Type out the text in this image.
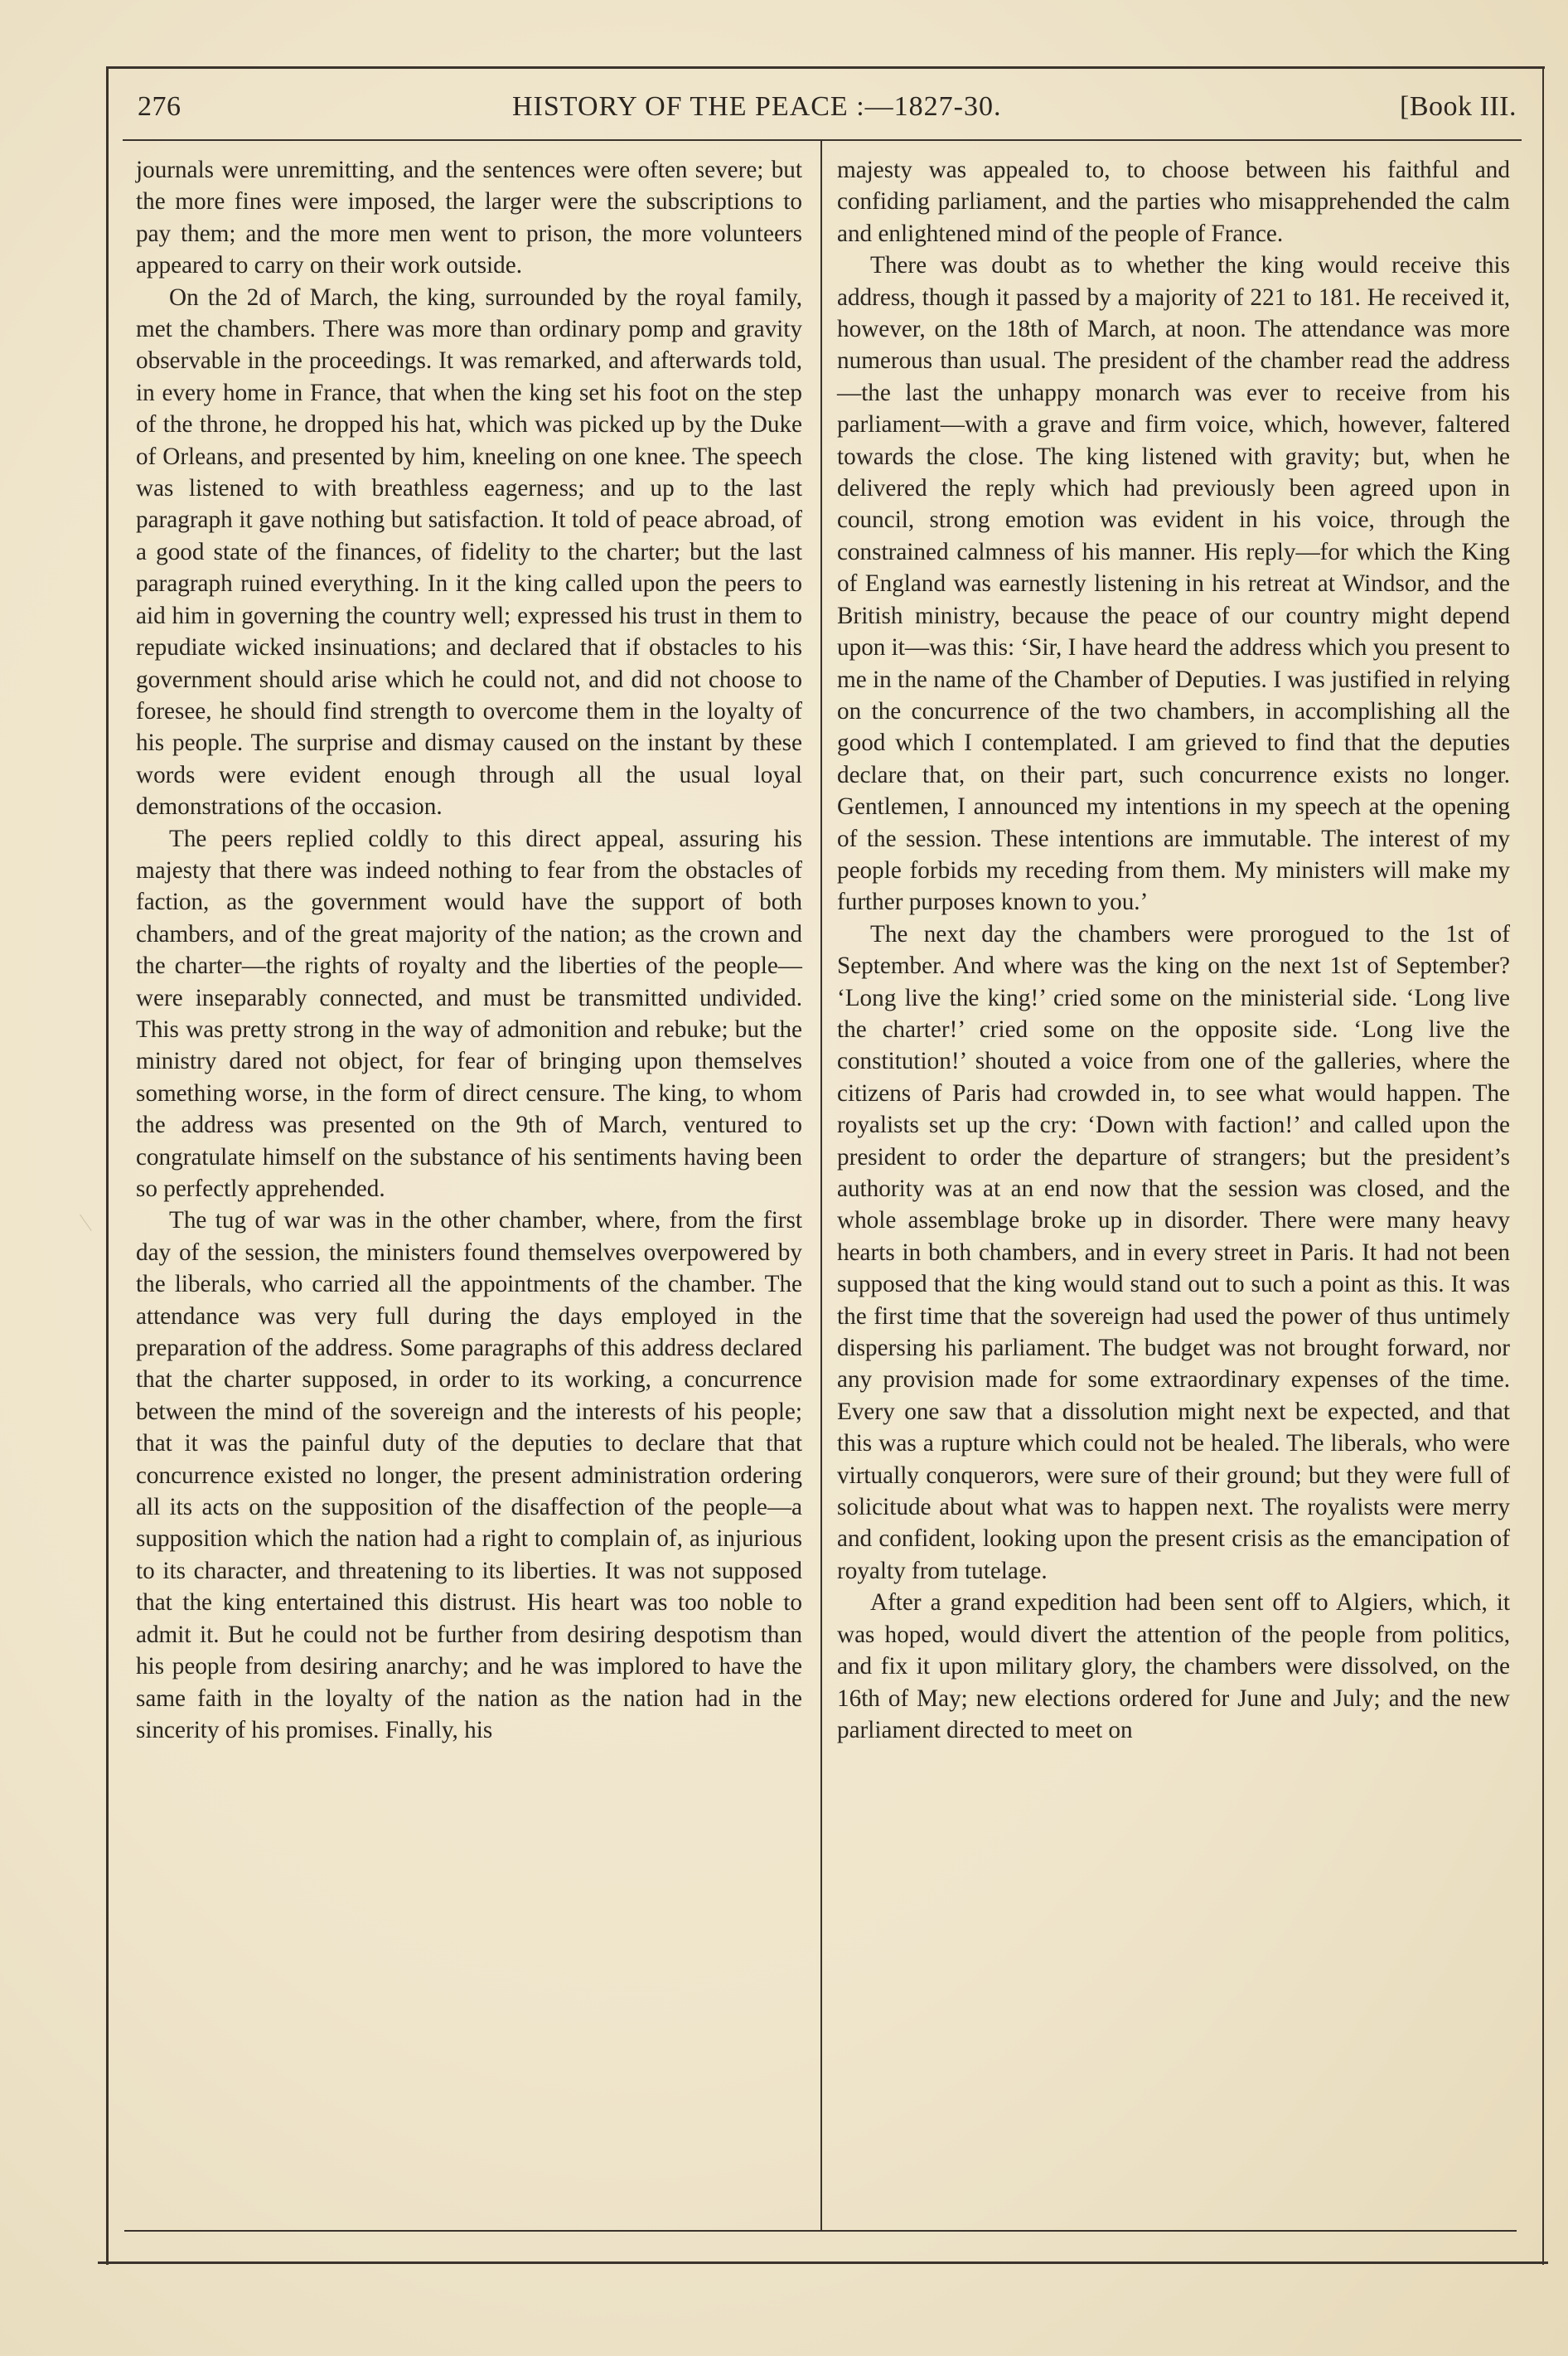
276	HISTORY OF THE PEACE :—1827-30.	[Book III.

journals were unremitting, and the sentences were often severe; but the more fines were imposed, the larger were the subscriptions to pay them; and the more men went to prison, the more volunteers appeared to carry on their work outside.

On the 2d of March, the king, surrounded by the royal family, met the chambers. There was more than ordinary pomp and gravity observable in the proceedings. It was remarked, and afterwards told, in every home in France, that when the king set his foot on the step of the throne, he dropped his hat, which was picked up by the Duke of Orleans, and presented by him, kneeling on one knee. The speech was listened to with breathless eagerness; and up to the last paragraph it gave nothing but satisfaction. It told of peace abroad, of a good state of the finances, of fidelity to the charter; but the last paragraph ruined everything. In it the king called upon the peers to aid him in governing the country well; expressed his trust in them to repudiate wicked insinuations; and declared that if obstacles to his government should arise which he could not, and did not choose to foresee, he should find strength to overcome them in the loyalty of his people. The surprise and dismay caused on the instant by these words were evident enough through all the usual loyal demonstrations of the occasion.

The peers replied coldly to this direct appeal, assuring his majesty that there was indeed nothing to fear from the obstacles of faction, as the government would have the support of both chambers, and of the great majority of the nation; as the crown and the charter—the rights of royalty and the liberties of the people—were inseparably connected, and must be transmitted undivided. This was pretty strong in the way of admonition and rebuke; but the ministry dared not object, for fear of bringing upon themselves something worse, in the form of direct censure. The king, to whom the address was presented on the 9th of March, ventured to congratulate himself on the substance of his sentiments having been so perfectly apprehended.

The tug of war was in the other chamber, where, from the first day of the session, the ministers found themselves overpowered by the liberals, who carried all the appointments of the chamber. The attendance was very full during the days employed in the preparation of the address. Some paragraphs of this address declared that the charter supposed, in order to its working, a concurrence between the mind of the sovereign and the interests of his people; that it was the painful duty of the deputies to declare that that concurrence existed no longer, the present administration ordering all its acts on the supposition of the disaffection of the people—a supposition which the nation had a right to complain of, as injurious to its character, and threatening to its liberties. It was not supposed that the king entertained this distrust. His heart was too noble to admit it. But he could not be further from desiring despotism than his people from desiring anarchy; and he was implored to have the same faith in the loyalty of the nation as the nation had in the sincerity of his promises. Finally, his

majesty was appealed to, to choose between his faithful and confiding parliament, and the parties who misapprehended the calm and enlightened mind of the people of France.

There was doubt as to whether the king would receive this address, though it passed by a majority of 221 to 181. He received it, however, on the 18th of March, at noon. The attendance was more numerous than usual. The president of the chamber read the address—the last the unhappy monarch was ever to receive from his parliament—with a grave and firm voice, which, however, faltered towards the close. The king listened with gravity; but, when he delivered the reply which had previously been agreed upon in council, strong emotion was evident in his voice, through the constrained calmness of his manner. His reply—for which the King of England was earnestly listening in his retreat at Windsor, and the British ministry, because the peace of our country might depend upon it—was this: ‘Sir, I have heard the address which you present to me in the name of the Chamber of Deputies. I was justified in relying on the concurrence of the two chambers, in accomplishing all the good which I contemplated. I am grieved to find that the deputies declare that, on their part, such concurrence exists no longer. Gentlemen, I announced my intentions in my speech at the opening of the session. These intentions are immutable. The interest of my people forbids my receding from them. My ministers will make my further purposes known to you.’

The next day the chambers were prorogued to the 1st of September. And where was the king on the next 1st of September? ‘Long live the king!’ cried some on the ministerial side. ‘Long live the charter!’ cried some on the opposite side. ‘Long live the constitution!’ shouted a voice from one of the galleries, where the citizens of Paris had crowded in, to see what would happen. The royalists set up the cry: ‘Down with faction!’ and called upon the president to order the departure of strangers; but the president’s authority was at an end now that the session was closed, and the whole assemblage broke up in disorder. There were many heavy hearts in both chambers, and in every street in Paris. It had not been supposed that the king would stand out to such a point as this. It was the first time that the sovereign had used the power of thus untimely dispersing his parliament. The budget was not brought forward, nor any provision made for some extraordinary expenses of the time. Every one saw that a dissolution might next be expected, and that this was a rupture which could not be healed. The liberals, who were virtually conquerors, were sure of their ground; but they were full of solicitude about what was to happen next. The royalists were merry and confident, looking upon the present crisis as the emancipation of royalty from tutelage.

After a grand expedition had been sent off to Algiers, which, it was hoped, would divert the attention of the people from politics, and fix it upon military glory, the chambers were dissolved, on the 16th of May; new elections ordered for June and July; and the new parliament directed to meet on
